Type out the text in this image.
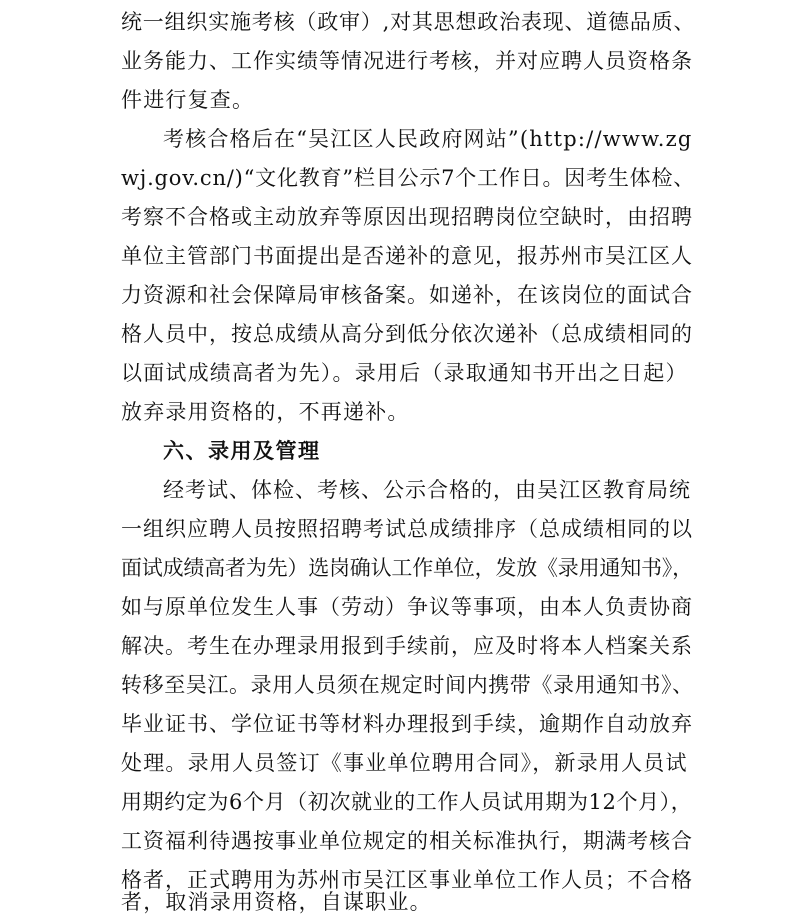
统一组织实施考核（政审）,对其思想政治表现、道德品质、
业务能力、工作实绩等情况进行考核，并对应聘人员资格条
件进行复查。
考核合格后在“吴江区人民政府网站”(http://www.zg
wj.gov.cn/)“文化教育”栏目公示7个工作日。因考生体检、
考察不合格或主动放弃等原因出现招聘岗位空缺时，由招聘
单位主管部门书面提出是否递补的意见，报苏州市吴江区人
力资源和社会保障局审核备案。如递补，在该岗位的面试合
格人员中，按总成绩从高分到低分依次递补（总成绩相同的
以面试成绩高者为先）。录用后（录取通知书开出之日起）
放弃录用资格的，不再递补。
六、录用及管理
经考试、体检、考核、公示合格的，由吴江区教育局统
一组织应聘人员按照招聘考试总成绩排序（总成绩相同的以
面试成绩高者为先）选岗确认工作单位，发放《录用通知书》，
如与原单位发生人事（劳动）争议等事项，由本人负责协商
解决。考生在办理录用报到手续前，应及时将本人档案关系
转移至吴江。录用人员须在规定时间内携带《录用通知书》、
毕业证书、学位证书等材料办理报到手续，逾期作自动放弃
处理。录用人员签订《事业单位聘用合同》，新录用人员试
用期约定为6个月（初次就业的工作人员试用期为12个月），
工资福利待遇按事业单位规定的相关标准执行，期满考核合
格者，正式聘用为苏州市吴江区事业单位工作人员；不合格
者，取消录用资格，自谋职业。
